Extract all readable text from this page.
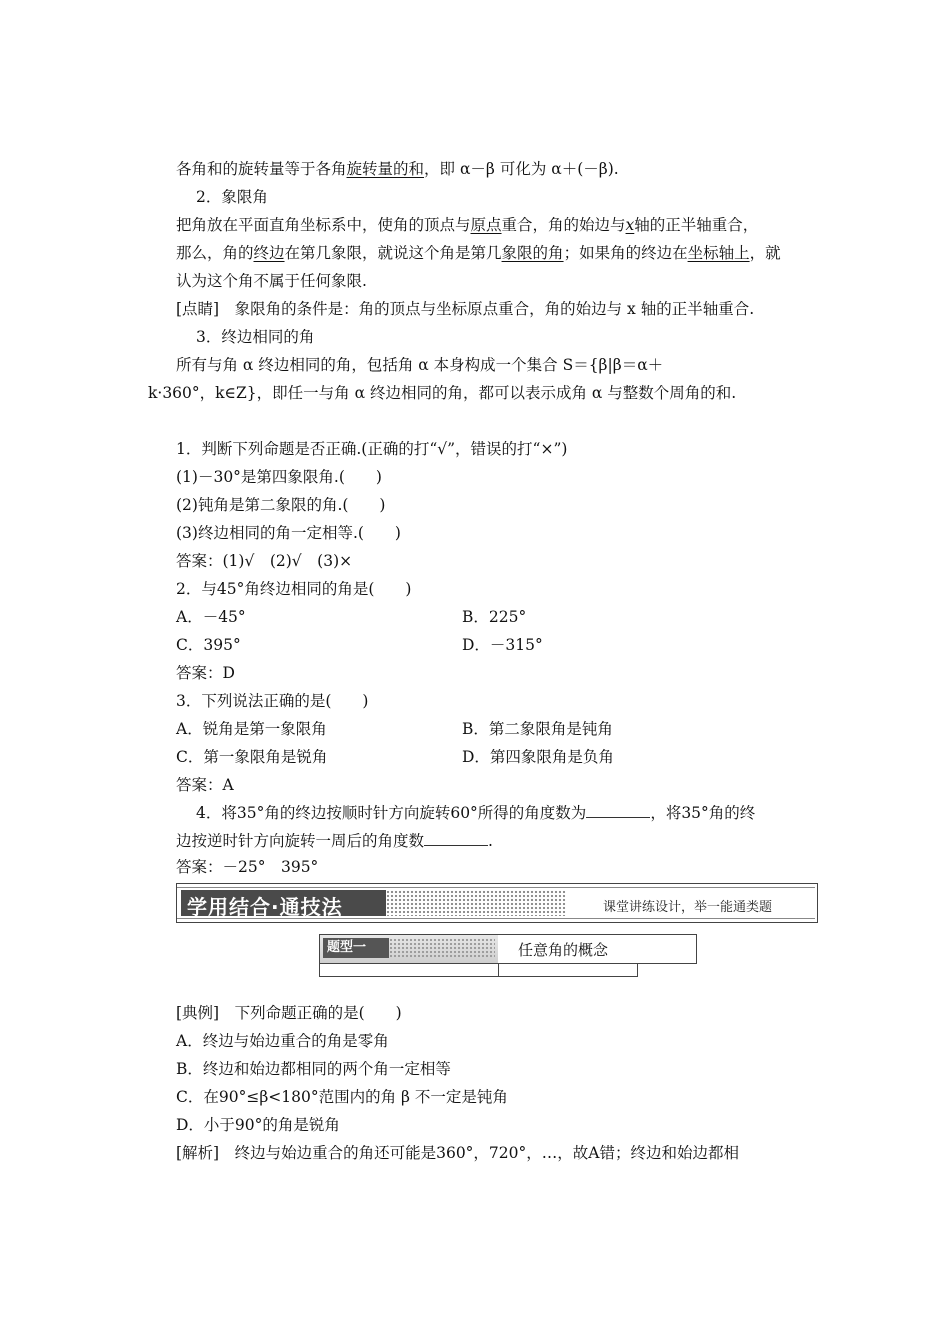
各角和的旋转量等于各角旋转量的和，即 α－β 可化为 α＋(－β).
2．象限角
把角放在平面直角坐标系中，使角的顶点与原点重合，角的始边与x轴的正半轴重合，
那么，角的终边在第几象限，就说这个角是第几象限的角；如果角的终边在坐标轴上，就
认为这个角不属于任何象限.
[点睛]　象限角的条件是：角的顶点与坐标原点重合，角的始边与 x 轴的正半轴重合.
3．终边相同的角
所有与角 α 终边相同的角，包括角 α 本身构成一个集合 S＝{β|β＝α＋
k·360°，k∈Z}，即任一与角 α 终边相同的角，都可以表示成角 α 与整数个周角的和.
1．判断下列命题是否正确.(正确的打“√”，错误的打“×”)
(1)－30°是第四象限角.(　　)
(2)钝角是第二象限的角.(　　)
(3)终边相同的角一定相等.(　　)
答案：(1)√　(2)√　(3)×
2．与45°角终边相同的角是(　　)
A．－45°	B．225°
C．395°	D．－315°
答案：D
3．下列说法正确的是(　　)
A．锐角是第一象限角	B．第二象限角是钝角
C．第一象限角是锐角	D．第四象限角是负角
答案：A
4．将35°角的终边按顺时针方向旋转60°所得的角度数为	，将35°角的终
边按逆时针方向旋转一周后的角度数	.
答案：－25°　395°
学用结合·通技法	课堂讲练设计，举一能通类题
题型一	任意角的概念
[典例]　下列命题正确的是(　　)
A．终边与始边重合的角是零角
B．终边和始边都相同的两个角一定相等
C．在90°≤β<180°范围内的角 β 不一定是钝角
D．小于90°的角是锐角
[解析]　终边与始边重合的角还可能是360°，720°，…，故A错；终边和始边都相
